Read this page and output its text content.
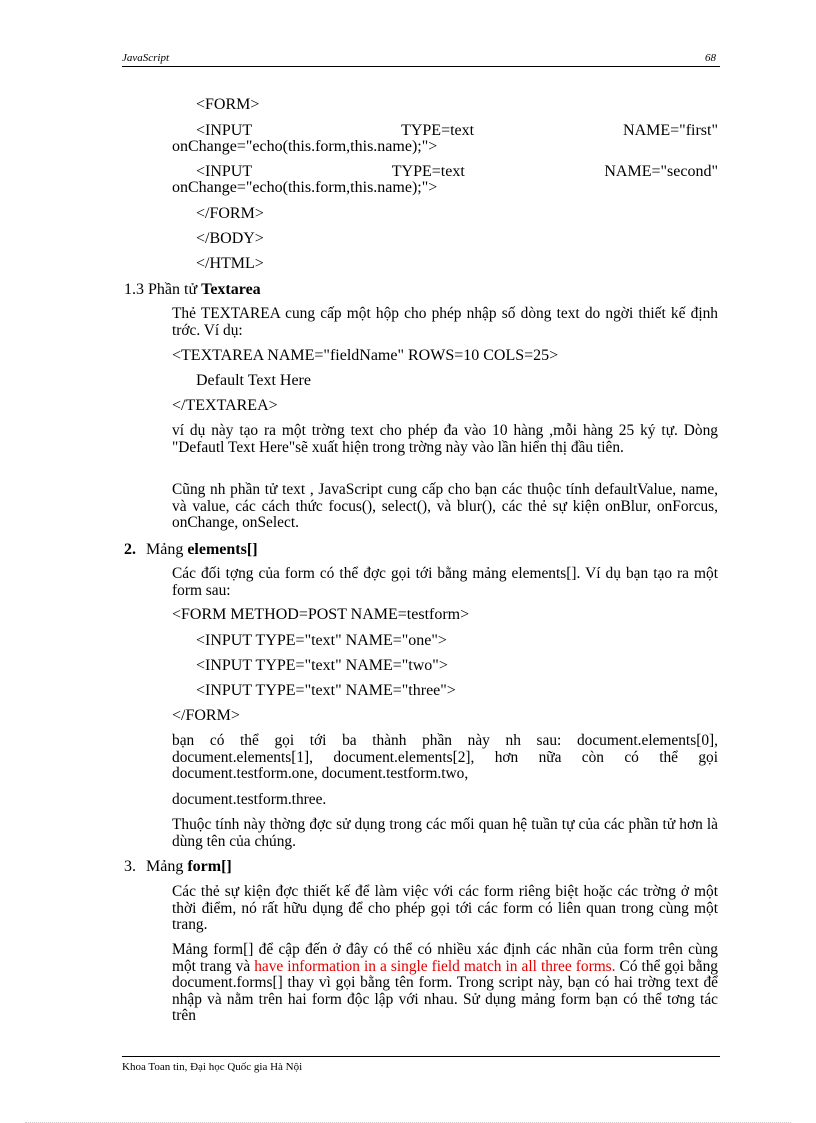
JavaScript	68
<FORM>
<INPUT	TYPE=text	NAME="first"
onChange="echo(this.form,this.name);">
<INPUT	TYPE=text	NAME="second"
onChange="echo(this.form,this.name);">
</FORM>
</BODY>
</HTML>
1.3 Phần tử Textarea
Thẻ TEXTAREA cung cấp một hộp cho phép nhập số dòng text do ngời thiết kế định trớc. Ví dụ:
<TEXTAREA NAME="fieldName" ROWS=10 COLS=25>
Default Text Here
</TEXTAREA>
ví dụ này tạo ra một trờng text cho phép đa vào 10 hàng ,mỗi hàng 25 ký tự. Dòng "Defautl Text Here"sẽ xuất hiện trong trờng này vào lần hiển thị đầu tiên.
Cũng nh phần tử text , JavaScript cung cấp cho bạn các thuộc tính defaultValue, name, và value, các cách thức focus(), select(), và blur(), các thẻ sự kiện onBlur, onForcus, onChange, onSelect.
2. Mảng elements[]
Các đối tợng của form có thể đợc gọi tới bằng mảng elements[]. Ví dụ bạn tạo ra một form sau:
<FORM METHOD=POST NAME=testform>
<INPUT TYPE="text" NAME="one">
<INPUT TYPE="text" NAME="two">
<INPUT TYPE="text" NAME="three">
</FORM>
bạn có thể gọi tới ba thành phần này nh sau: document.elements[0], document.elements[1], document.elements[2], hơn nữa còn có thể gọi document.testform.one, document.testform.two,
document.testform.three.
Thuộc tính này thờng đợc sử dụng trong các mối quan hệ tuần tự của các phần tử hơn là dùng tên của chúng.
3. Mảng form[]
Các thẻ sự kiện đợc thiết kế để làm việc với các form riêng biệt hoặc các trờng ở một thời điểm, nó rất hữu dụng để cho phép gọi tới các form có liên quan trong cùng một trang.
Mảng form[] để cập đến ở đây có thể có nhiều xác định các nhãn của form trên cùng một trang và have information in a single field match in all three forms. Có thể gọi bằng document.forms[] thay vì gọi bằng tên form. Trong script này, bạn có hai trờng text để nhập và nằm trên hai form độc lập với nhau. Sử dụng mảng form bạn có thể tơng tác trên
Khoa Toan tin, Đại học Quốc gia Hà Nội
